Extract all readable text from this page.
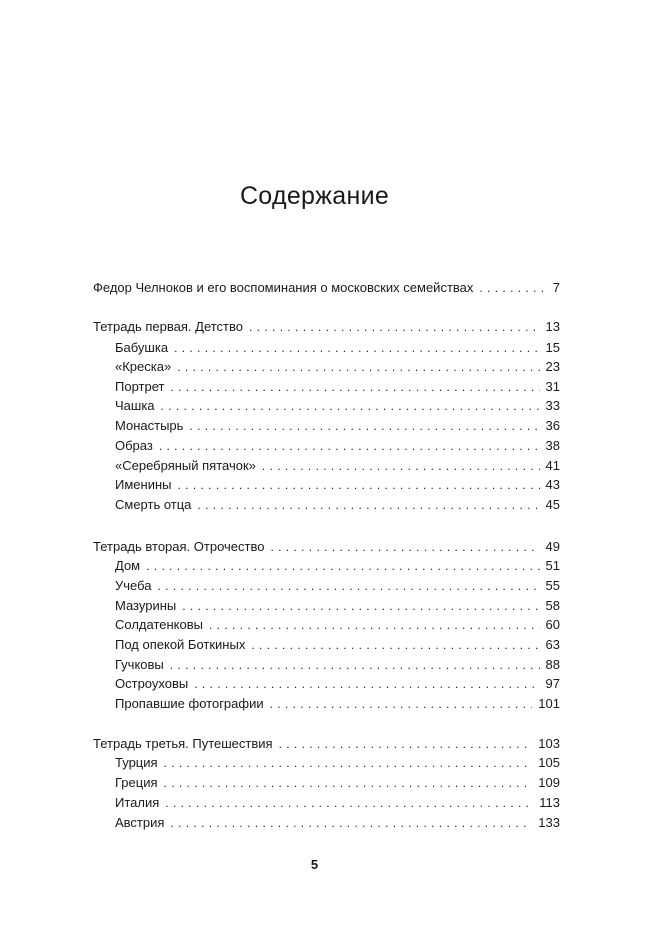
Содержание
Федор Челноков и его воспоминания о московских семействах . . .	7
Тетрадь первая. Детство . . .	13
Бабушка . . .	15
«Креска» . . .	23
Портрет . . .	31
Чашка . . .	33
Монастырь . . .	36
Образ . . .	38
«Серебряный пятачок» . . .	41
Именины . . .	43
Смерть отца . . .	45
Тетрадь вторая. Отрочество . . .	49
Дом . . .	51
Учеба . . .	55
Мазурины . . .	58
Солдатенковы . . .	60
Под опекой Боткиных . . .	63
Гучковы . . .	88
Остроуховы . . .	97
Пропавшие фотографии . . .	101
Тетрадь третья. Путешествия . . .	103
Турция . . .	105
Греция . . .	109
Италия . . .	113
Австрия . . .	133
5
